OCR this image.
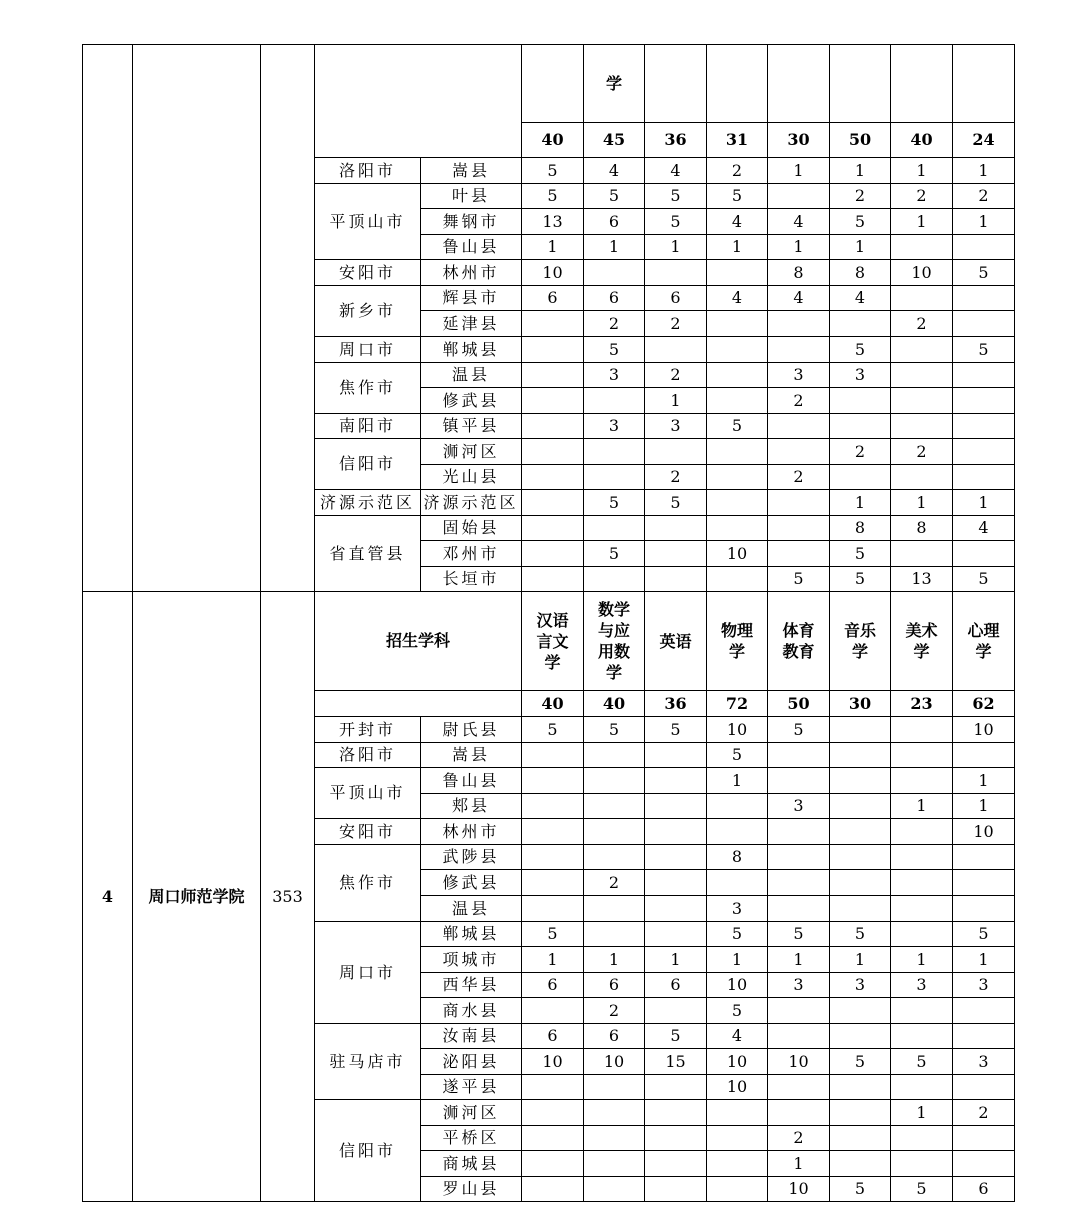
						学						
					40	45	36	31	30	50	40	24
			洛阳市	嵩县	5	4	4	2	1	1	1	1
			平顶山市	叶县	5	5	5	5		2	2	2
				舞钢市	13	6	5	4	4	5	1	1
				鲁山县	1	1	1	1	1	1		
			安阳市	林州市	10				8	8	10	5
			新乡市	辉县市	6	6	6	4	4	4		
				延津县		2	2				2	
			周口市	郸城县		5				5		5
			焦作市	温县		3	2		3	3		
				修武县			1		2			
			南阳市	镇平县		3	3	5				
			信阳市	浉河区						2	2	
				光山县			2		2			
			济源示范区	济源示范区		5	5			1	1	1
			省直管县	固始县						8	8	4
				邓州市		5		10		5		
				长垣市					5	5	13	5
4	周口师范学院	353	招生学科		汉语言文学	数学与应用数学	英语	物理学	体育教育	音乐学	美术学	心理学
					40	40	36	72	50	30	23	62
			开封市	尉氏县	5	5	5	10	5			10
			洛阳市	嵩县				5				
			平顶山市	鲁山县				1				1
				郏县					3		1	1
			安阳市	林州市								10
			焦作市	武陟县				8				
				修武县		2						
				温县				3				
			周口市	郸城县	5			5	5	5		5
				项城市	1	1	1	1	1	1	1	1
				西华县	6	6	6	10	3	3	3	3
				商水县		2		5				
			驻马店市	汝南县	6	6	5	4				
				泌阳县	10	10	15	10	10	5	5	3
				遂平县				10				
			信阳市	浉河区							1	2
				平桥区					2			
				商城县					1			
				罗山县					10	5	5	6
